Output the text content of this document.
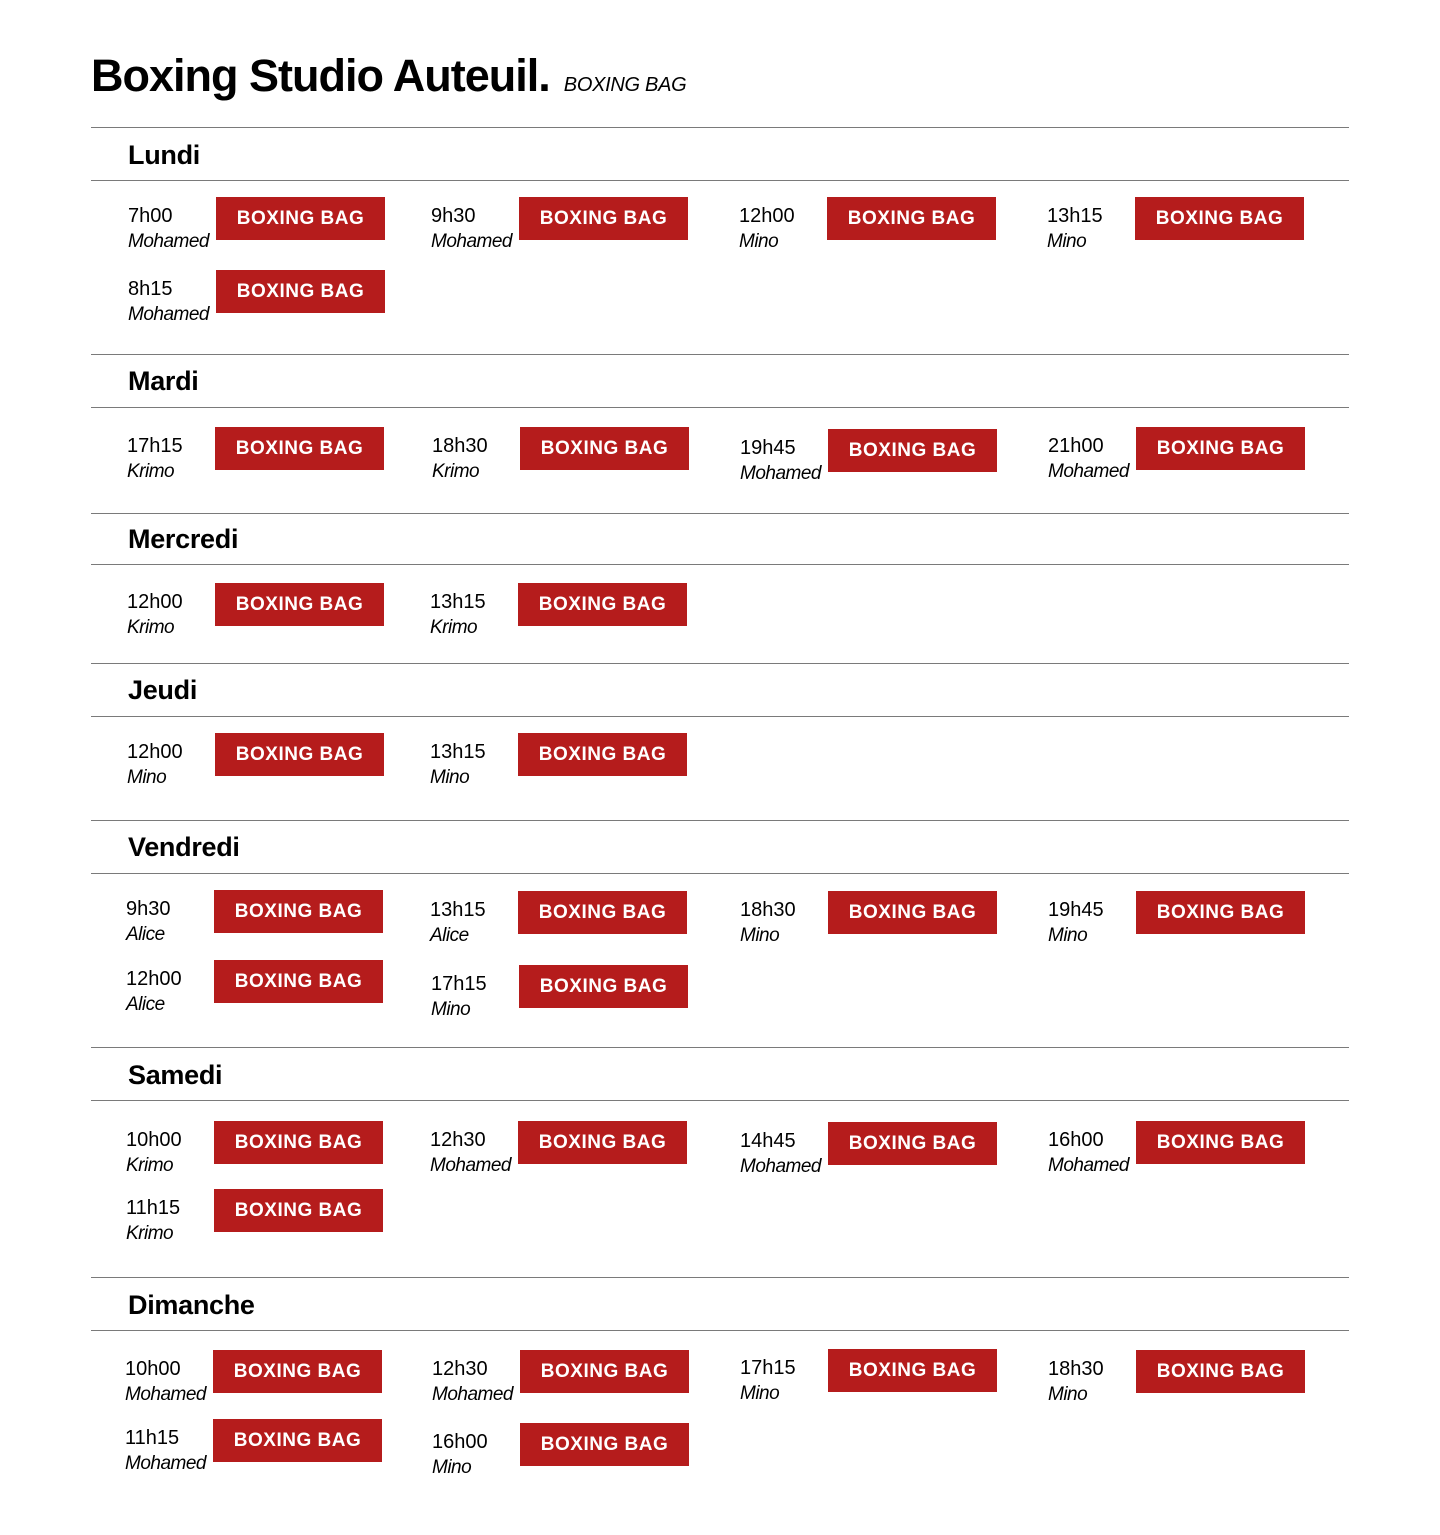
Boxing Studio Auteuil. BOXING BAG
Lundi
7h00
Mohamed
BOXING BAG	9h30
Mohamed
BOXING BAG	12h00
Mino
BOXING BAG	13h15
Mino
BOXING BAG
8h15
Mohamed
BOXING BAG
Mardi
17h15
Krimo
BOXING BAG	18h30
Krimo
BOXING BAG	19h45
Mohamed
BOXING BAG	21h00
Mohamed
BOXING BAG
Mercredi
12h00
Krimo
BOXING BAG	13h15
Krimo
BOXING BAG
Jeudi
12h00
Mino
BOXING BAG	13h15
Mino
BOXING BAG
Vendredi
9h30
Alice
BOXING BAG	13h15
Alice
BOXING BAG	18h30
Mino
BOXING BAG	19h45
Mino
BOXING BAG
12h00
Alice
BOXING BAG	17h15
Mino
BOXING BAG
Samedi
10h00
Krimo
BOXING BAG	12h30
Mohamed
BOXING BAG	14h45
Mohamed
BOXING BAG	16h00
Mohamed
BOXING BAG
11h15
Krimo
BOXING BAG
Dimanche
10h00
Mohamed
BOXING BAG	12h30
Mohamed
BOXING BAG	17h15
Mino
BOXING BAG	18h30
Mino
BOXING BAG
11h15
Mohamed
BOXING BAG	16h00
Mino
BOXING BAG
